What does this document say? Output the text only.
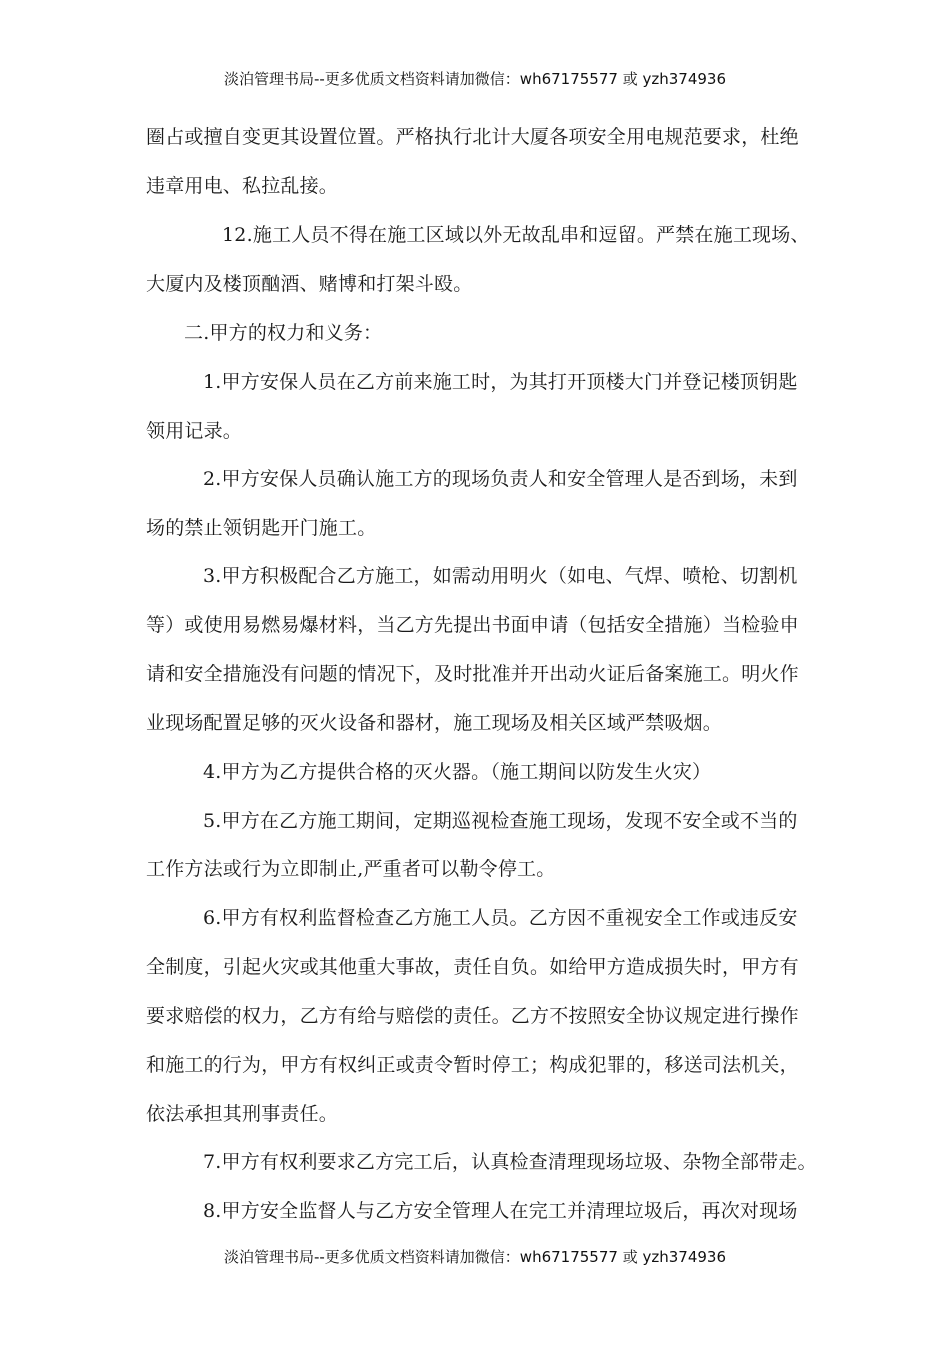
淡泊管理书局--更多优质文档资料请加微信：wh67175577 或 yzh374936
圈占或擅自变更其设置位置。严格执行北计大厦各项安全用电规范要求，杜绝
违章用电、私拉乱接。
12.施工人员不得在施工区域以外无故乱串和逗留。严禁在施工现场、
大厦内及楼顶酗酒、赌博和打架斗殴。
二.甲方的权力和义务：
1.甲方安保人员在乙方前来施工时，为其打开顶楼大门并登记楼顶钥匙
领用记录。
2.甲方安保人员确认施工方的现场负责人和安全管理人是否到场，未到
场的禁止领钥匙开门施工。
3.甲方积极配合乙方施工，如需动用明火（如电、气焊、喷枪、切割机
等）或使用易燃易爆材料，当乙方先提出书面申请（包括安全措施）当检验申
请和安全措施没有问题的情况下，及时批准并开出动火证后备案施工。明火作
业现场配置足够的灭火设备和器材，施工现场及相关区域严禁吸烟。
4.甲方为乙方提供合格的灭火器。（施工期间以防发生火灾）
5.甲方在乙方施工期间，定期巡视检查施工现场，发现不安全或不当的
工作方法或行为立即制止,严重者可以勒令停工。
6.甲方有权利监督检查乙方施工人员。乙方因不重视安全工作或违反安
全制度，引起火灾或其他重大事故，责任自负。如给甲方造成损失时，甲方有
要求赔偿的权力，乙方有给与赔偿的责任。乙方不按照安全协议规定进行操作
和施工的行为，甲方有权纠正或责令暂时停工；构成犯罪的，移送司法机关，
依法承担其刑事责任。
7.甲方有权利要求乙方完工后，认真检查清理现场垃圾、杂物全部带走。
8.甲方安全监督人与乙方安全管理人在完工并清理垃圾后，再次对现场
淡泊管理书局--更多优质文档资料请加微信：wh67175577 或 yzh374936
